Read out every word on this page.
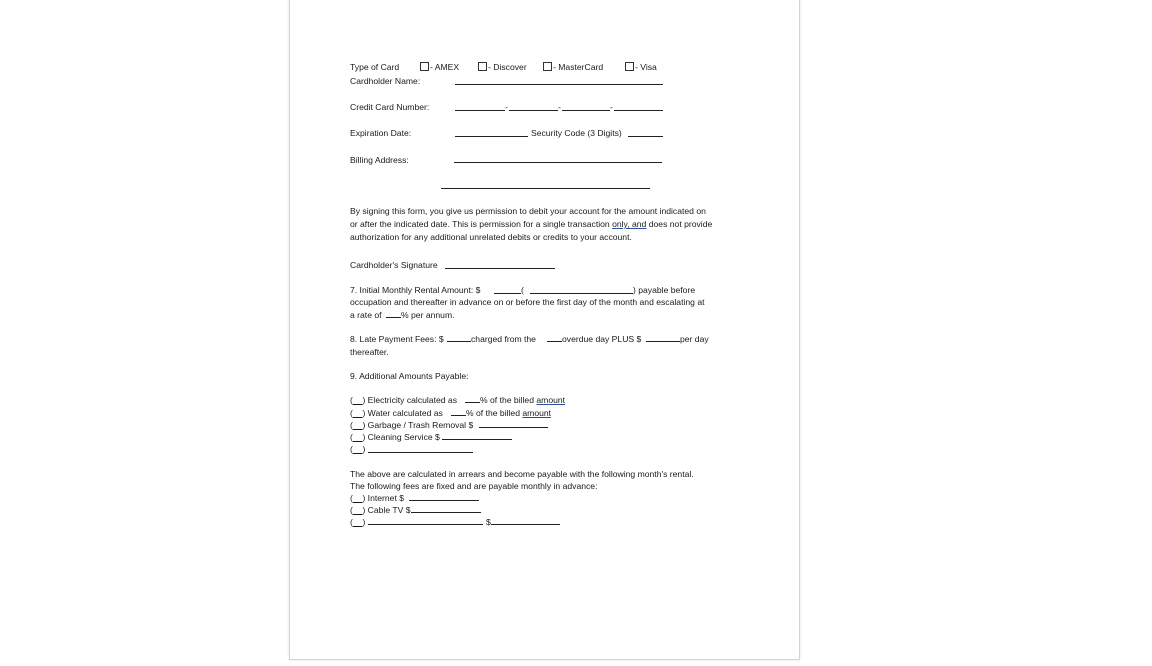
Type of Card	- AMEX	- Discover	- MasterCard	- Visa
Cardholder Name:
Credit Card Number:	-	-	-
Expiration Date:	Security Code (3 Digits)
Billing Address:
By signing this form, you give us permission to debit your account for the amount indicated on
or after the indicated date. This is permission for a single transaction only, and does not provide
authorization for any additional unrelated debits or credits to your account.
Cardholder's Signature
7. Initial Monthly Rental Amount: $	(	) payable before
occupation and thereafter in advance on or before the first day of the month and escalating at
a rate of % per annum.
8. Late Payment Fees: $	charged from the	overdue day PLUS $	per day
thereafter.
9. Additional Amounts Payable:
(__) Electricity calculated as	% of the billed amount
(__) Water calculated as	% of the billed amount
(__) Garbage / Trash Removal $
(__) Cleaning Service $
(__)
The above are calculated in arrears and become payable with the following month's rental.
The following fees are fixed and are payable monthly in advance:
(__) Internet $
(__) Cable TV $
(__)	$
